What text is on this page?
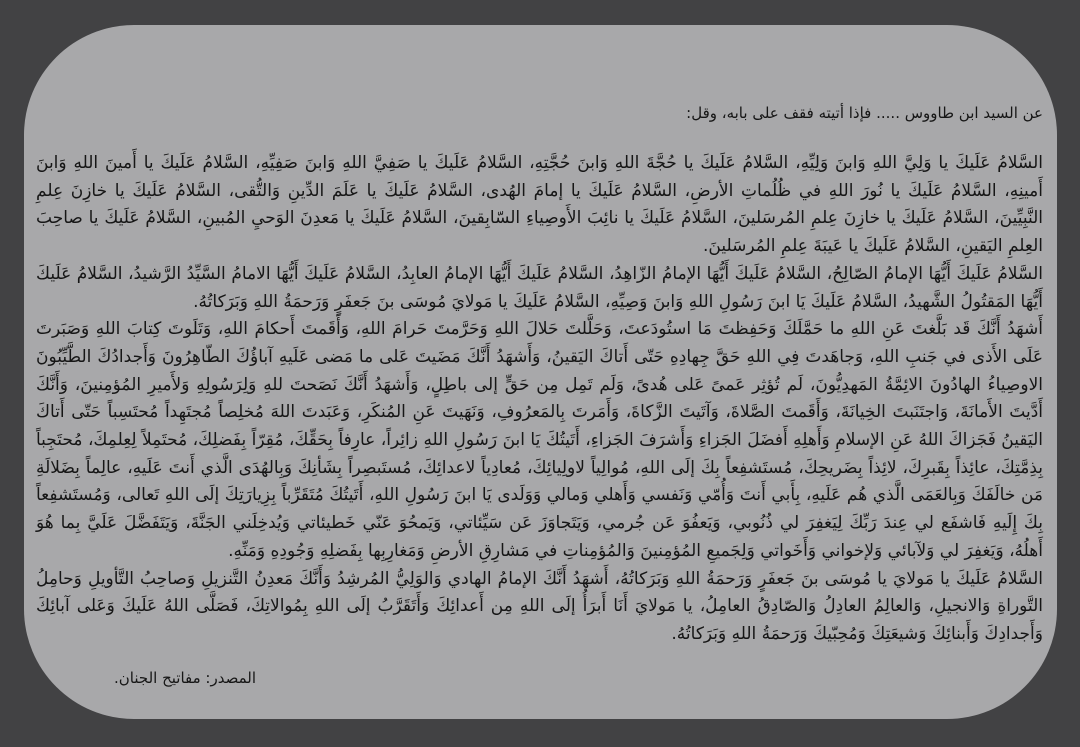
عن السيد ابن طاووس ..... فإذا أتيته فقف على بابه، وقل:

السَّلامُ عَلَيكَ يا وَلِيَّ اللهِ وَابنَ وَلِيِّهِ، السَّلامُ عَلَيكَ يا حُجَّةَ اللهِ وَابنَ حُجَّتِهِ، السَّلامُ عَلَيكَ يا صَفِيَّ اللهِ وَابنَ صَفِيِّهِ، السَّلامُ عَلَيكَ يا أَمينَ اللهِ وَابنَ أَمينِهِ، السَّلامُ عَلَيكَ يا نُورَ اللهِ في ظُلُماتِ الأرضِ، السَّلامُ عَلَيكَ يا إمامَ الهُدى، السَّلامُ عَلَيكَ يا عَلَمَ الدِّينِ وَالتُّقى، السَّلامُ عَلَيكَ يا خازِنَ عِلمِ النَّبِيِّينَ، السَّلامُ عَلَيكَ يا خازِنَ عِلمِ المُرسَلينَ، السَّلامُ عَلَيكَ يا نائِبَ الأَوصِياءِ السّابِقينَ، السَّلامُ عَلَيكَ يا مَعدِنَ الوَحيِ المُبينِ، السَّلامُ عَلَيكَ يا صاحِبَ العِلمِ اليَقينِ، السَّلامُ عَلَيكَ يا عَيبَةَ عِلمِ المُرسَلينَ.

السَّلامُ عَلَيكَ أَيُّهَا الإمامُ الصّالِحُ، السَّلامُ عَلَيكَ أَيُّهَا الإمامُ الزّاهِدُ، السَّلامُ عَلَيكَ أَيُّهَا الإمامُ العابِدُ، السَّلامُ عَلَيكَ أَيُّهَا الامامُ السَّيِّدُ الرَّشيدُ، السَّلامُ عَلَيكَ أَيُّهَا المَقتُولُ الشَّهيدُ، السَّلامُ عَلَيكَ يَا ابنَ رَسُولِ اللهِ وَابنَ وَصِيِّهِ، السَّلامُ عَلَيكَ يا مَولايَ مُوسَى بنَ جَعفَرٍ وَرَحمَةُ اللهِ وَبَرَكاتُهُ.

أَشهَدُ أَنَّكَ قَد بَلَّغتَ عَنِ اللهِ ما حَمَّلَكَ وَحَفِظتَ مَا استُودَعتَ، وَحَلَّلتَ حَلالَ اللهِ وَحَرَّمتَ حَرامَ اللهِ، وَأَقَمتَ أَحكامَ اللهِ، وَتَلَوتَ كِتابَ اللهِ وَصَبَرتَ عَلَى الأَذى في جَنبِ اللهِ، وَجاهَدتَ فِي اللهِ حَقَّ جِهادِهِ حَتّى أَتاكَ اليَقينُ، وَأَشهَدُ أَنَّكَ مَضَيتَ عَلى ما مَضى عَلَيهِ آباؤُكَ الطّاهِرُونَ وَأَجدادُكَ الطَّيِّبُونَ الاوصِياءُ الهادُونَ الائِمَّةُ المَهدِيُّونَ، لَم تُؤثِر عَمىً عَلى هُدىً، وَلَم تَمِل مِن حَقٍّ إلى باطِلٍ، وَأَشهَدُ أَنَّكَ نَصَحتَ للهِ وَلِرَسُولِهِ وَلأَميرِ المُؤمِنينَ، وَأَنَّكَ أَدَّيتَ الأَمانَةَ، وَاجتَنَبتَ الخِيانَةَ، وَأَقَمتَ الصَّلاةَ، وَآتَيتَ الزَّكاةَ، وَأَمَرتَ بِالمَعرُوفِ، وَنَهَيتَ عَنِ المُنكَرِ، وَعَبَدتَ اللهَ مُخلِصاً مُجتَهِداً مُحتَسِباً حَتّى أَتاكَ اليَقينُ فَجَزاكَ اللهُ عَنِ الإسلامِ وَأَهلِهِ أَفضَلَ الجَزاءِ وَأَشرَفَ الجَزاءِ، أَتَيتُكَ يَا ابنَ رَسُولِ اللهِ زائِراً، عارِفاً بِحَقِّكَ، مُقِرّاً بِفَضلِكَ، مُحتَمِلاً لِعِلمِكَ، مُحتَجِباً بِذِمَّتِكَ، عائِذاً بِقَبرِكَ، لائِذاً بِضَريحِكَ، مُستَشفِعاً بِكَ إلَى اللهِ، مُوالِياً لاولِيائِكَ، مُعادِياً لاعدائِكَ، مُستَبصِراً بِشَأنِكَ وَبِالهُدَى الَّذي أَنتَ عَلَيهِ، عالِماً بِضَلالَةِ مَن خالَفَكَ وَبِالعَمَى الَّذي هُم عَلَيهِ، بِأَبي أَنتَ وَأُمّي وَنَفسي وَأَهلي وَمالي وَوَلَدى يَا ابنَ رَسُولِ اللهِ، أَتَيتُكَ مُتَقَرِّباً بِزِيارَتِكَ إلَى اللهِ تَعالى، وَمُستَشفِعاً بِكَ إِلَيهِ فَاشفَع لي عِندَ رَبِّكَ لِيَغفِرَ لي ذُنُوبي، وَيَعفُوَ عَن جُرمي، وَيَتَجاوَزَ عَن سَيِّئاتي، وَيَمحُوَ عَنّي خَطيئاتي وَيُدخِلَني الجَنَّةَ، وَيَتَفَضَّلَ عَلَيَّ بِما هُوَ أَهلُهُ، وَيَغفِرَ لي وَلآبائي وَلإخواني وَأَخَواتي وَلِجَميعِ المُؤمِنينَ وَالمُؤمِناتِ في مَشارِقِ الأرضِ وَمَغارِبِها بِفَضلِهِ وَجُودِهِ وَمَنِّهِ.

السَّلامُ عَلَيكَ يا مَولايَ يا مُوسَى بنَ جَعفَرٍ وَرَحمَةُ اللهِ وَبَرَكاتُهُ، أَشهَدُ أَنَّكَ الإمامُ الهادي وَالوَلِيُّ المُرشِدُ وَأَنَّكَ مَعدِنُ التَّنزيلِ وَصاحِبُ التَّأويلِ وَحامِلُ التَّوراةِ وَالانجيلِ، وَالعالِمُ العادِلُ وَالصّادِقُ العامِلُ، يا مَولايَ أَنَا أَبرَأُ إلَى اللهِ مِن أَعدائِكَ وَأَتَقَرَّبُ إلَى اللهِ بِمُوالاتِكَ، فَصَلَّى اللهُ عَلَيكَ وَعَلى آبائِكَ وَأَجدادِكَ وَأَبنائِكَ وَشيعَتِكَ وَمُحِبّيكَ وَرَحمَةُ اللهِ وَبَرَكاتُهُ.

المصدر: مفاتيح الجنان.
